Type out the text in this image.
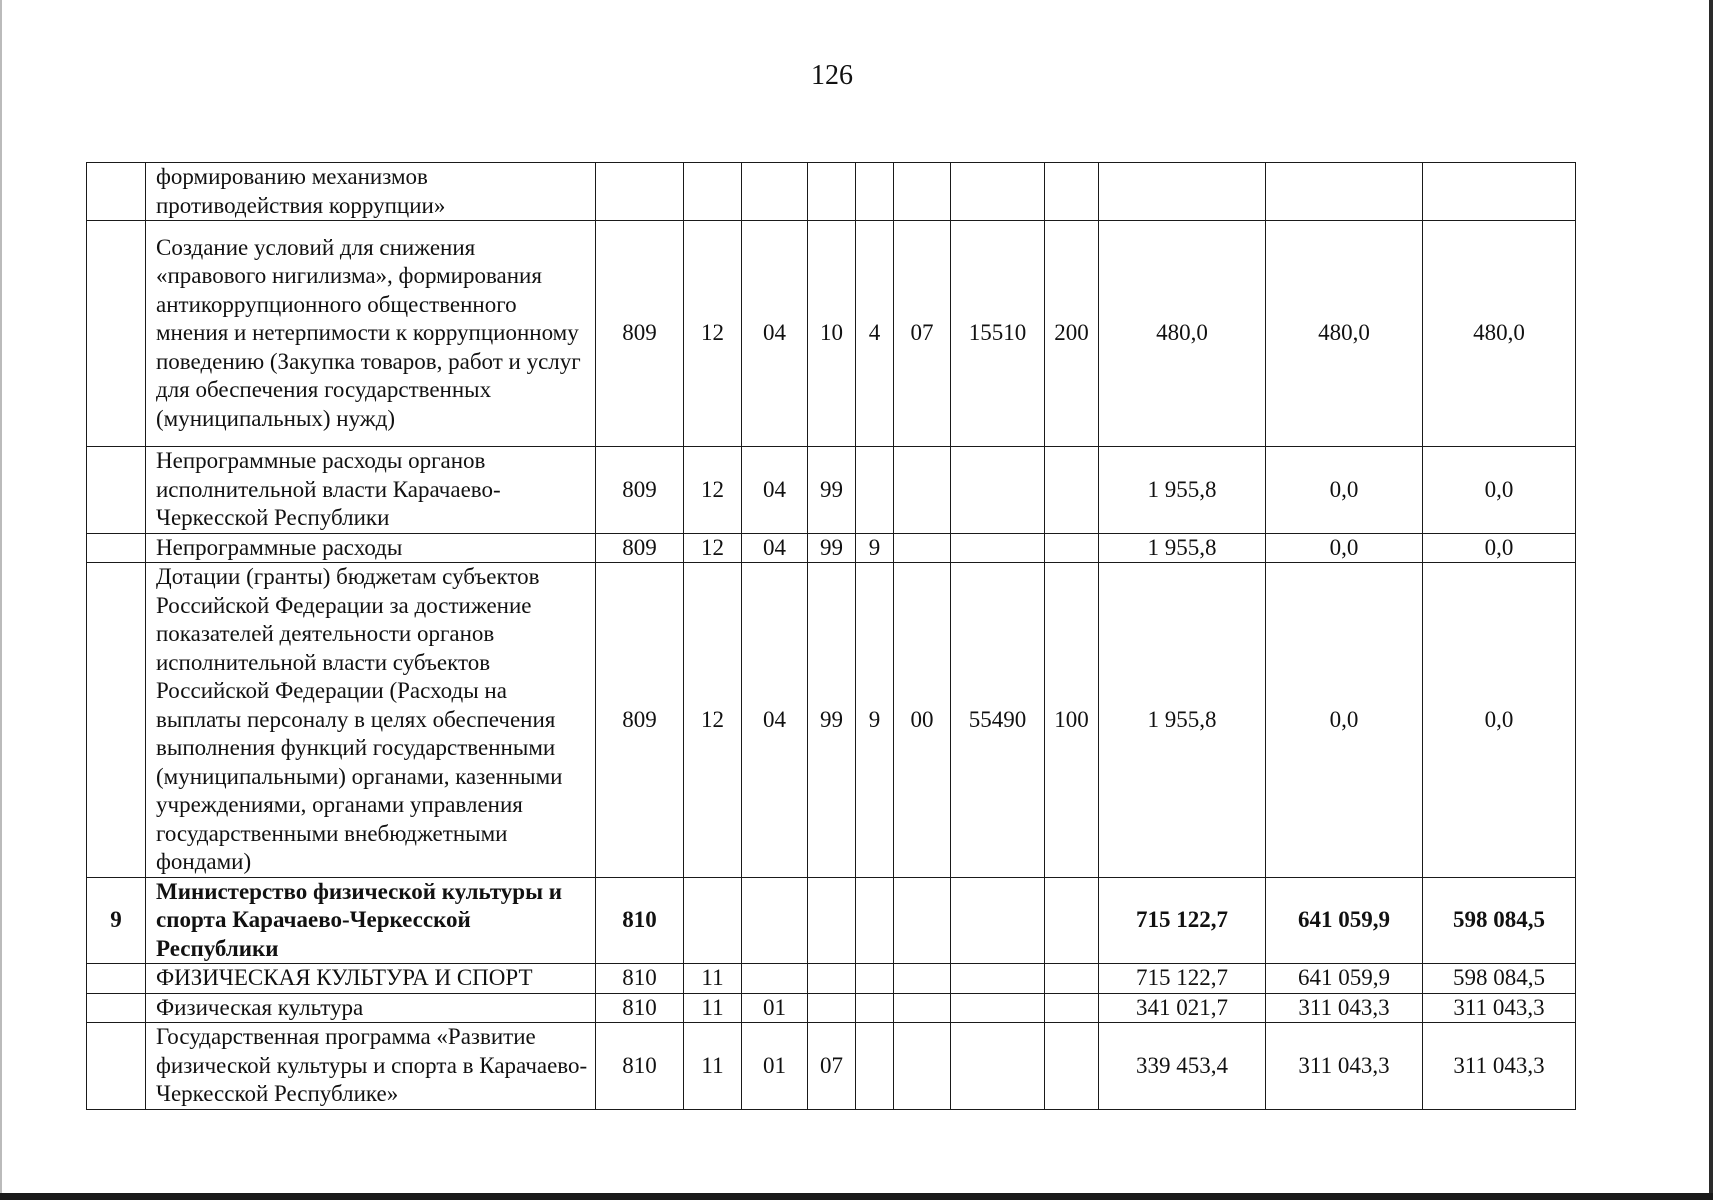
126
	формированию механизмов противодействия коррупции»											
	Создание условий для снижения «правового нигилизма», формирования антикоррупционного общественного мнения и нетерпимости к коррупционному поведению (Закупка товаров, работ и услуг для обеспечения государственных (муниципальных) нужд)	809	12	04	10	4	07	15510	200	480,0	480,0	480,0
	Непрограммные расходы органов исполнительной власти Карачаево-Черкесской Республики	809	12	04	99					1 955,8	0,0	0,0
	Непрограммные расходы	809	12	04	99	9				1 955,8	0,0	0,0
	Дотации (гранты) бюджетам субъектов Российской Федерации за достижение показателей деятельности органов исполнительной власти субъектов Российской Федерации (Расходы на выплаты персоналу в целях обеспечения выполнения функций государственными (муниципальными) органами, казенными учреждениями, органами управления государственными внебюджетными фондами)	809	12	04	99	9	00	55490	100	1 955,8	0,0	0,0
9	Министерство физической культуры и спорта Карачаево-Черкесской Республики	810								715 122,7	641 059,9	598 084,5
	ФИЗИЧЕСКАЯ КУЛЬТУРА И СПОРТ	810	11							715 122,7	641 059,9	598 084,5
	Физическая культура	810	11	01						341 021,7	311 043,3	311 043,3
	Государственная программа «Развитие физической культуры и спорта в Карачаево-Черкесской Республике»	810	11	01	07					339 453,4	311 043,3	311 043,3
